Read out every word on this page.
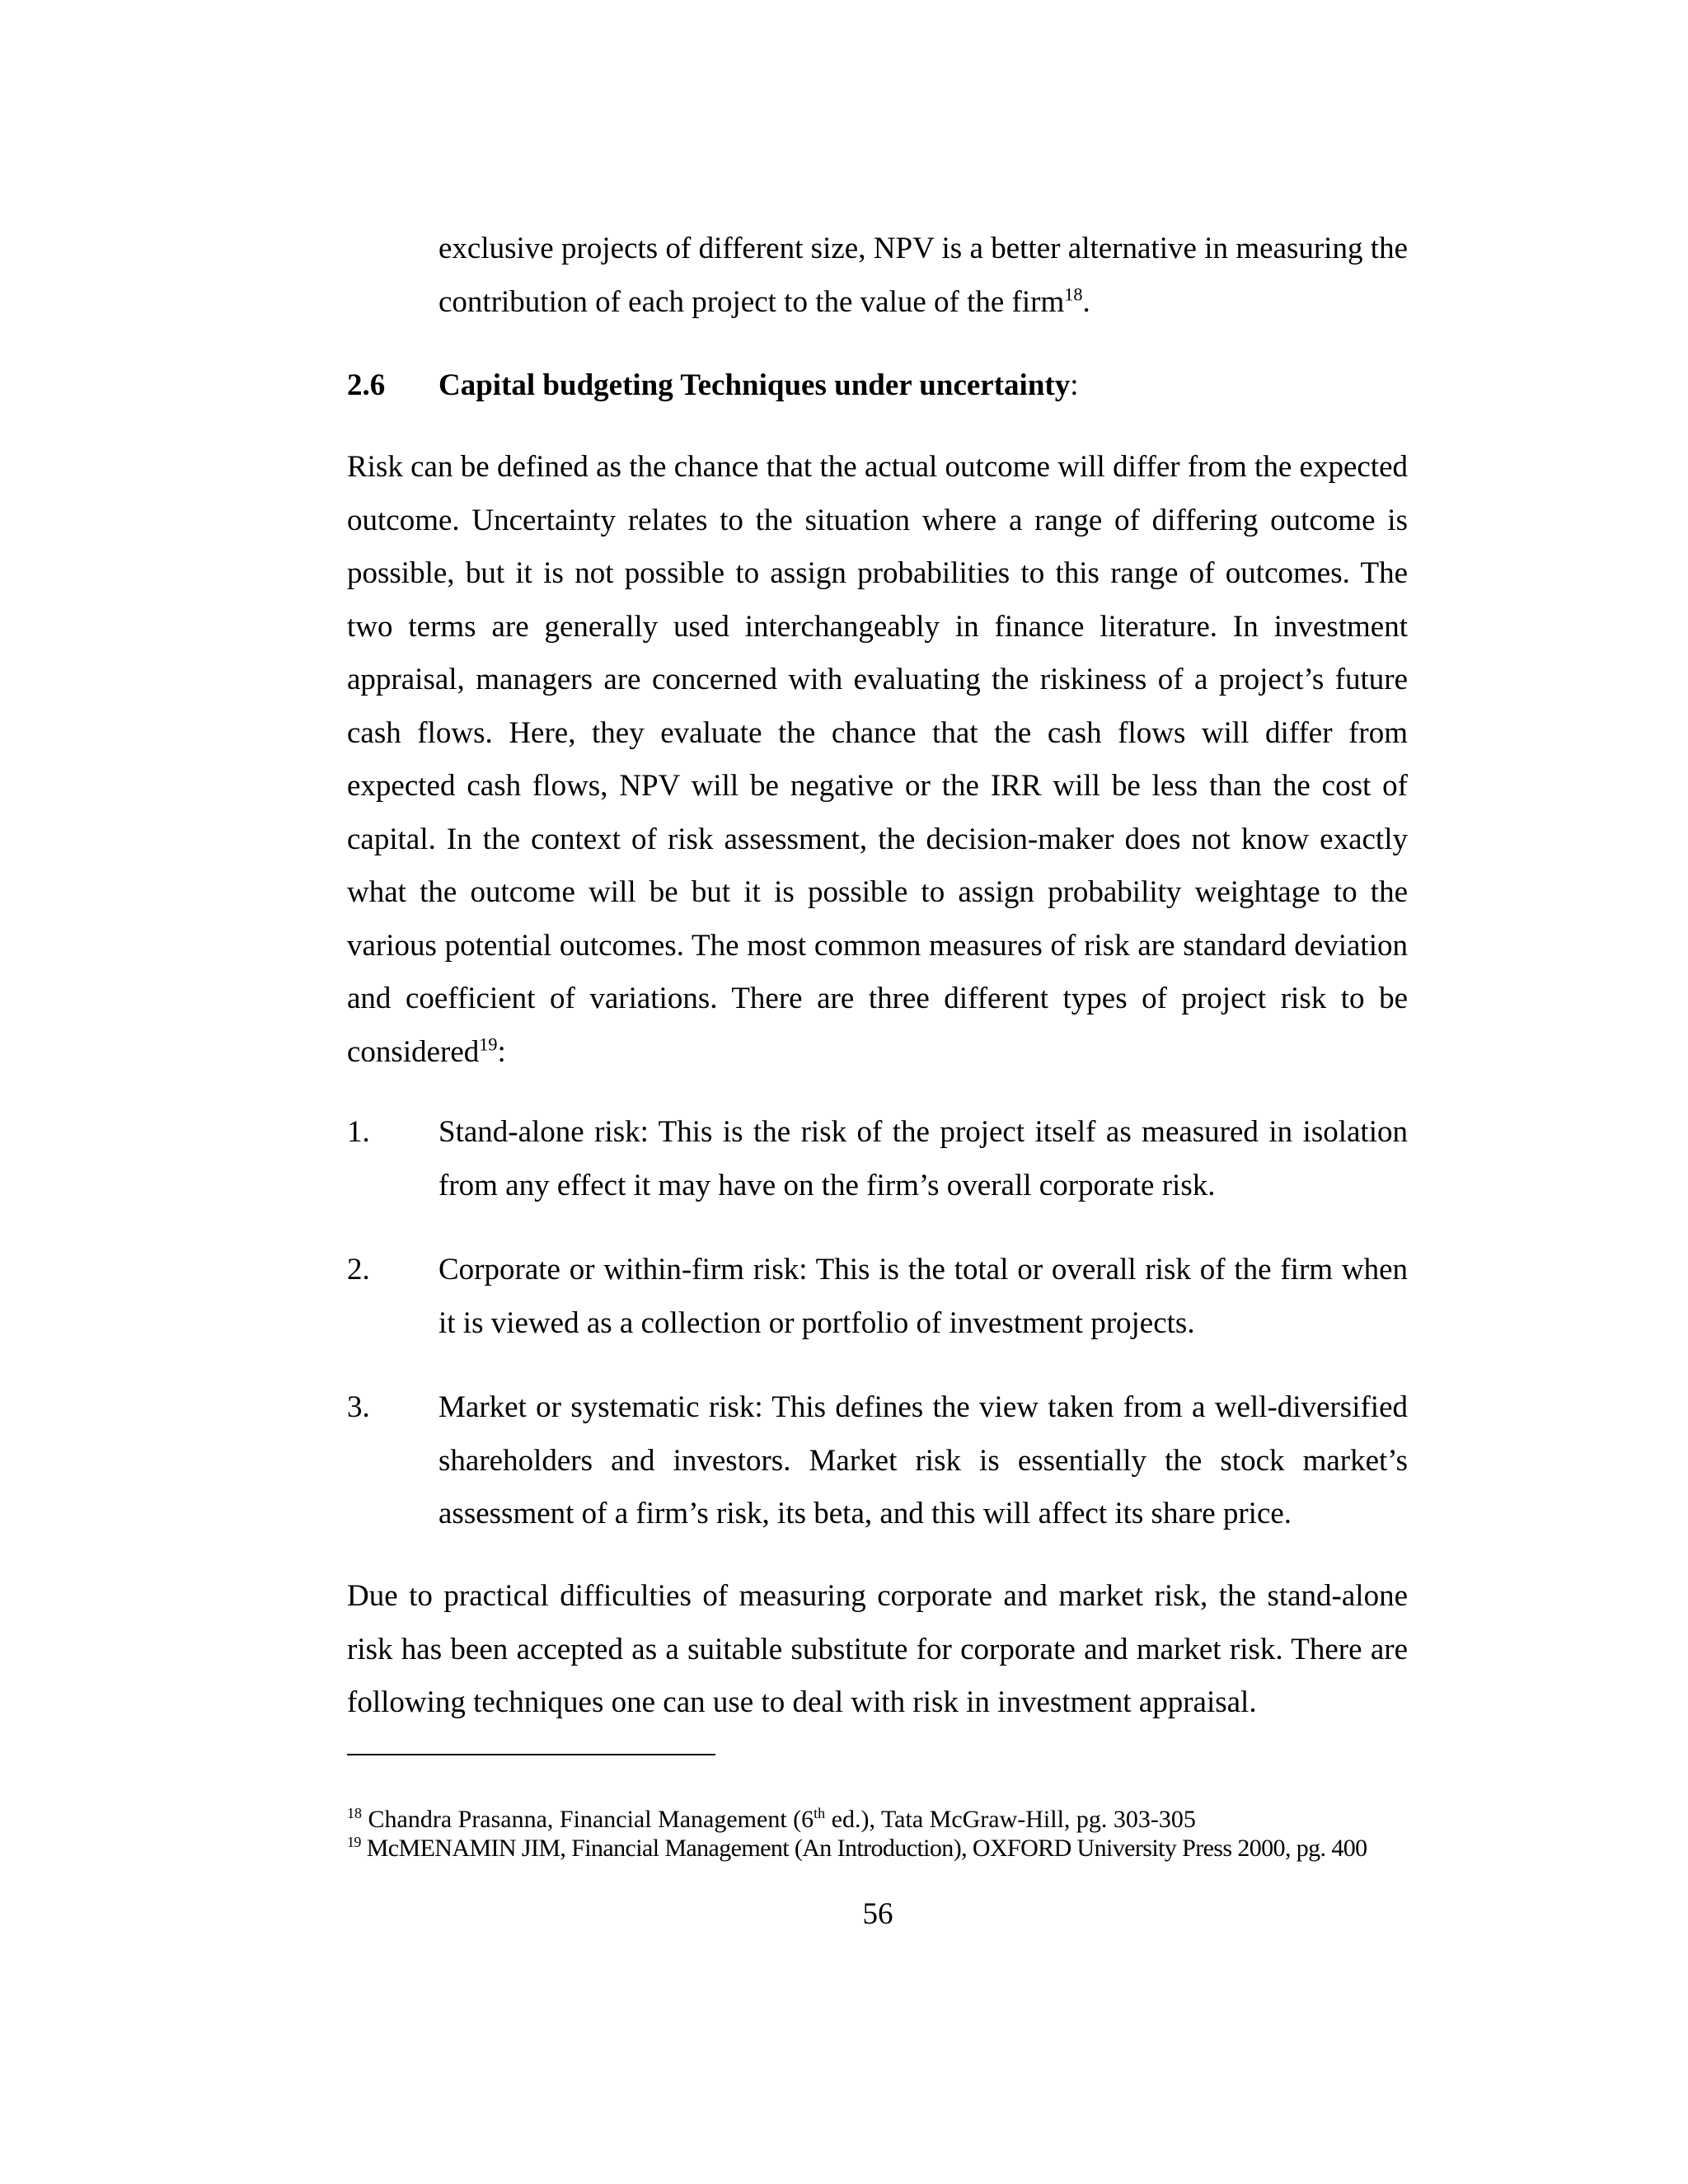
exclusive projects of different size, NPV is a better alternative in measuring the contribution of each project to the value of the firm$^{18}$.

2.6 Capital budgeting Techniques under uncertainty:

Risk can be defined as the chance that the actual outcome will differ from the expected outcome. Uncertainty relates to the situation where a range of differing outcome is possible, but it is not possible to assign probabilities to this range of outcomes. The two terms are generally used interchangeably in finance literature. In investment appraisal, managers are concerned with evaluating the riskiness of a project’s future cash flows. Here, they evaluate the chance that the cash flows will differ from expected cash flows, NPV will be negative or the IRR will be less than the cost of capital. In the context of risk assessment, the decision-maker does not know exactly what the outcome will be but it is possible to assign probability weightage to the various potential outcomes. The most common measures of risk are standard deviation and coefficient of variations. There are three different types of project risk to be considered$^{19}$:

1. Stand-alone risk: This is the risk of the project itself as measured in isolation from any effect it may have on the firm’s overall corporate risk.
2. Corporate or within-firm risk: This is the total or overall risk of the firm when it is viewed as a collection or portfolio of investment projects.
3. Market or systematic risk: This defines the view taken from a well-diversified shareholders and investors. Market risk is essentially the stock market’s assessment of a firm’s risk, its beta, and this will affect its share price.

Due to practical difficulties of measuring corporate and market risk, the stand-alone risk has been accepted as a suitable substitute for corporate and market risk. There are following techniques one can use to deal with risk in investment appraisal.

$^{18}$ Chandra Prasanna, Financial Management (6th ed.), Tata McGraw-Hill, pg. 303-305
$^{19}$ McMENAMIN JIM, Financial Management (An Introduction), OXFORD University Press 2000, pg. 400
56
